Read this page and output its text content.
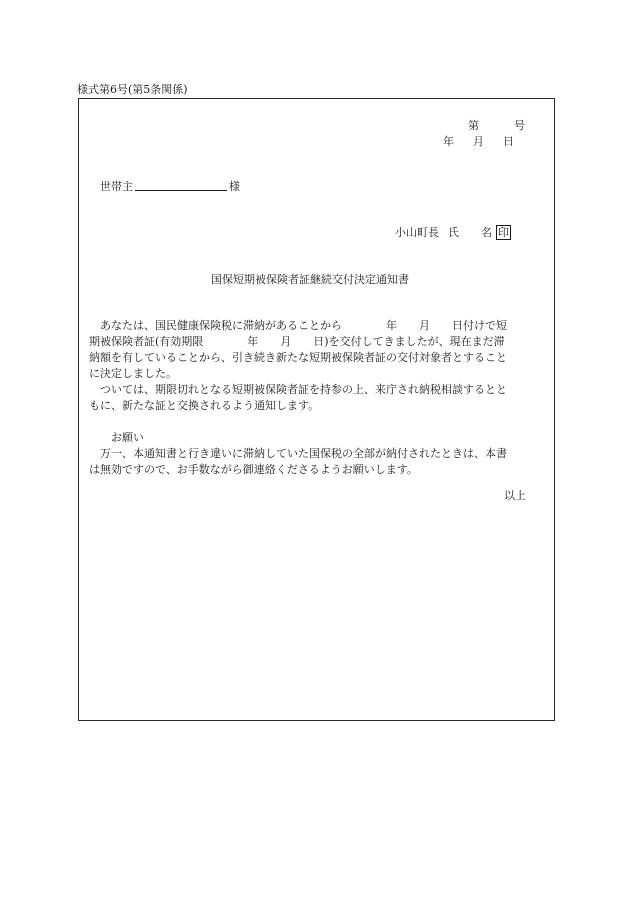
様式第6号(第5条関係)
第	号
年 月 日
世帯主	様
小山町長 氏 名 印
国保短期被保険者証継続交付決定通知書

　あなたは、国民健康保険税に滞納があることから　　　　年　　月　　日付けで短

期被保険者証(有効期限　　　　年　　月　　日)を交付してきましたが、現在まだ滞

納額を有していることから、引き続き新たな短期被保険者証の交付対象者とすること

に決定しました。

　ついては、期限切れとなる短期被保険者証を持参の上、来庁され納税相談するとと

もに、新たな証と交換されるよう通知します。

　　お願い

　万一、本通知書と行き違いに滞納していた国保税の全部が納付されたときは、本書

は無効ですので、お手数ながら御連絡くださるようお願いします。

以上
